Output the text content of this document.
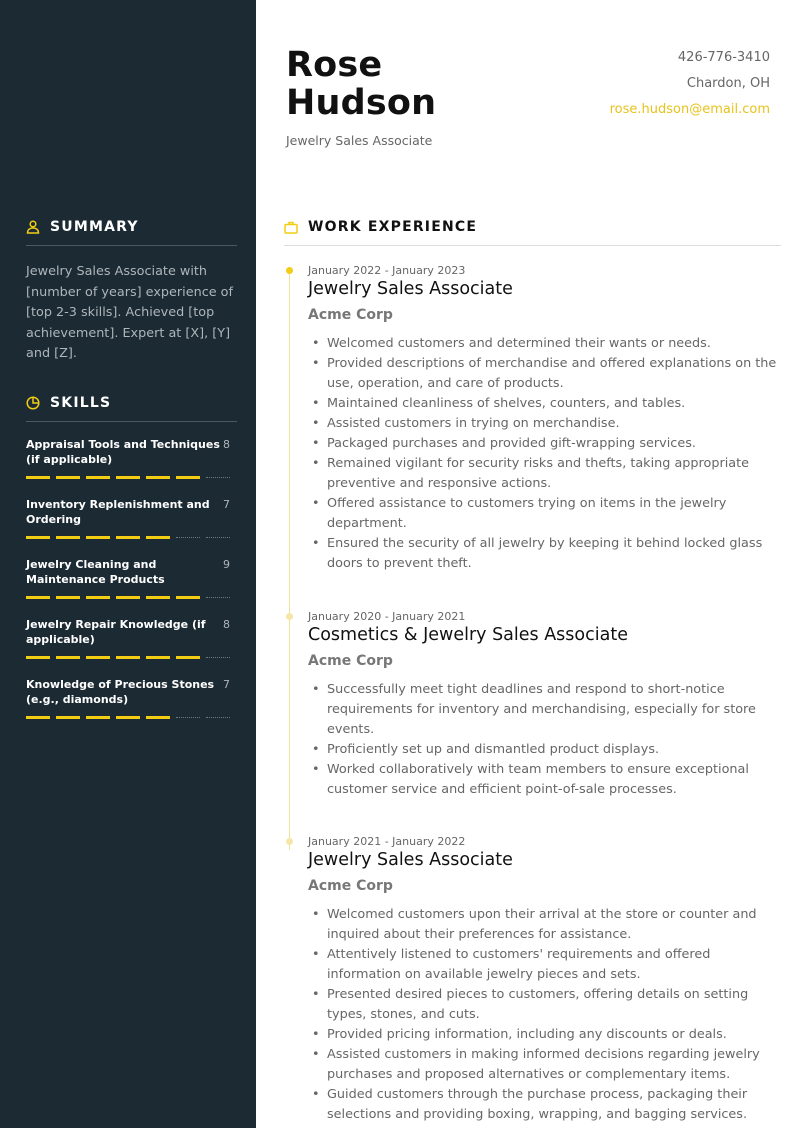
SUMMARY

Jewelry Sales Associate with [number of years] experience of [top 2-3 skills]. Achieved [top achievement]. Expert at [X], [Y] and [Z].

SKILLS
Appraisal Tools and Techniques (if applicable)
8
Inventory Replenishment and Ordering
7
Jewelry Cleaning and Maintenance Products
9
Jewelry Repair Knowledge (if applicable)
8
Knowledge of Precious Stones (e.g., diamonds)
7
Rose
Hudson
Jewelry Sales Associate
426-776-3410
Chardon, OH
rose.hudson@email.com
WORK EXPERIENCE
January 2022 - January 2023
Jewelry Sales Associate
Acme Corp
• Welcomed customers and determined their wants or needs.
• Provided descriptions of merchandise and offered explanations on the use, operation, and care of products.
• Maintained cleanliness of shelves, counters, and tables.
• Assisted customers in trying on merchandise.
• Packaged purchases and provided gift-wrapping services.
• Remained vigilant for security risks and thefts, taking appropriate preventive and responsive actions.
• Offered assistance to customers trying on items in the jewelry department.
• Ensured the security of all jewelry by keeping it behind locked glass doors to prevent theft.
January 2020 - January 2021
Cosmetics & Jewelry Sales Associate
Acme Corp
• Successfully meet tight deadlines and respond to short-notice requirements for inventory and merchandising, especially for store events.
• Proficiently set up and dismantled product displays.
• Worked collaboratively with team members to ensure exceptional customer service and efficient point-of-sale processes.
January 2021 - January 2022
Jewelry Sales Associate
Acme Corp
• Welcomed customers upon their arrival at the store or counter and inquired about their preferences for assistance.
• Attentively listened to customers' requirements and offered information on available jewelry pieces and sets.
• Presented desired pieces to customers, offering details on setting types, stones, and cuts.
• Provided pricing information, including any discounts or deals.
• Assisted customers in making informed decisions regarding jewelry purchases and proposed alternatives or complementary items.
• Guided customers through the purchase process, packaging their selections and providing boxing, wrapping, and bagging services.
